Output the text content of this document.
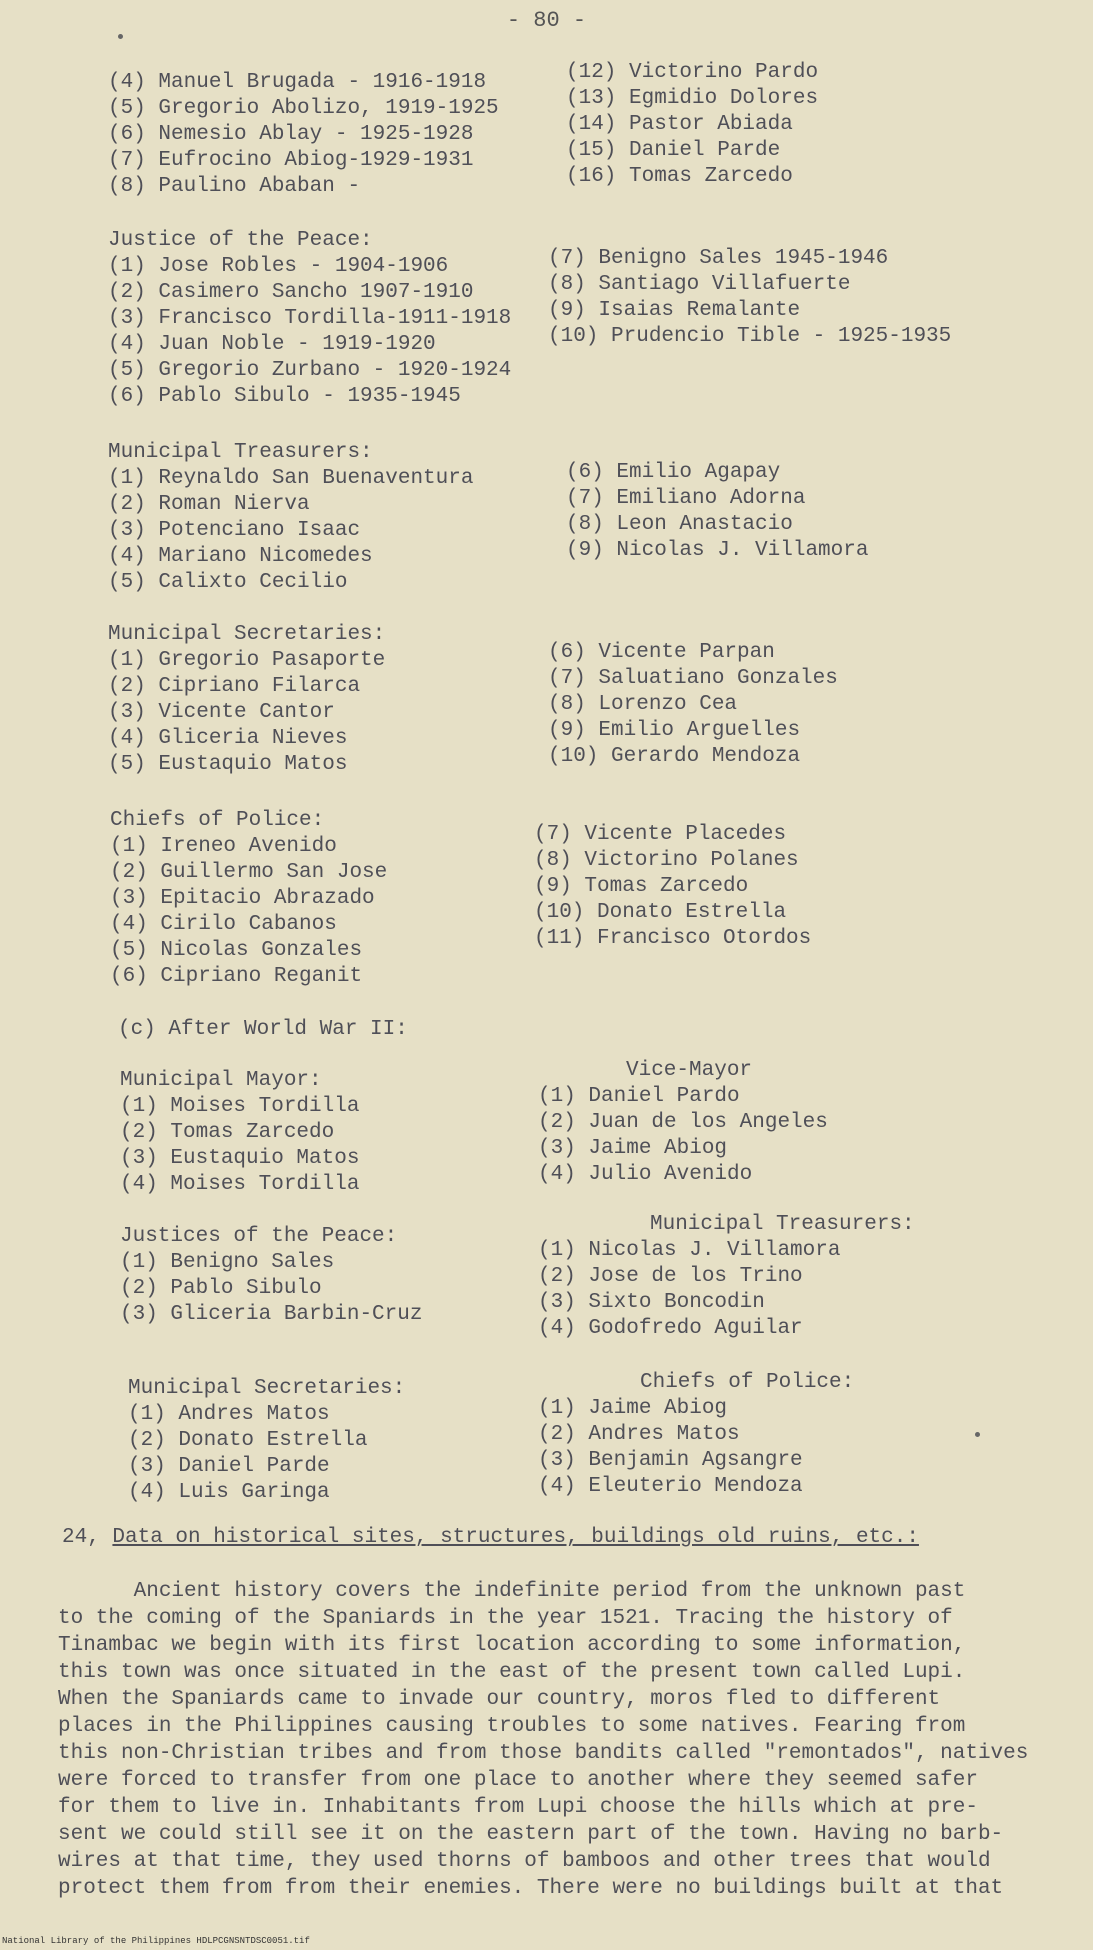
- 80 -
(4) Manuel Brugada - 1916-1918
(5) Gregorio Abolizo, 1919-1925
(6) Nemesio Ablay - 1925-1928
(7) Eufrocino Abiog-1929-1931
(8) Paulino Ababan -
(12) Victorino Pardo
(13) Egmidio Dolores
(14) Pastor Abiada
(15) Daniel Parde
(16) Tomas Zarcedo
Justice of the Peace:
(1) Jose Robles - 1904-1906
(2) Casimero Sancho 1907-1910
(3) Francisco Tordilla-1911-1918
(4) Juan Noble - 1919-1920
(5) Gregorio Zurbano - 1920-1924
(6) Pablo Sibulo - 1935-1945
(7) Benigno Sales 1945-1946
(8) Santiago Villafuerte
(9) Isaias Remalante
(10) Prudencio Tible - 1925-1935
Municipal Treasurers:
(1) Reynaldo San Buenaventura
(2) Roman Nierva
(3) Potenciano Isaac
(4) Mariano Nicomedes
(5) Calixto Cecilio
(6) Emilio Agapay
(7) Emiliano Adorna
(8) Leon Anastacio
(9) Nicolas J. Villamora
Municipal Secretaries:
(1) Gregorio Pasaporte
(2) Cipriano Filarca
(3) Vicente Cantor
(4) Gliceria Nieves
(5) Eustaquio Matos
(6) Vicente Parpan
(7) Saluatiano Gonzales
(8) Lorenzo Cea
(9) Emilio Arguelles
(10) Gerardo Mendoza
Chiefs of Police:
(1) Ireneo Avenido
(2) Guillermo San Jose
(3) Epitacio Abrazado
(4) Cirilo Cabanos
(5) Nicolas Gonzales
(6) Cipriano Reganit
(7) Vicente Placedes
(8) Victorino Polanes
(9) Tomas Zarcedo
(10) Donato Estrella
(11) Francisco Otordos
(c) After World War II:
Municipal Mayor:
(1) Moises Tordilla
(2) Tomas Zarcedo
(3) Eustaquio Matos
(4) Moises Tordilla
Vice-Mayor
(1) Daniel Pardo
(2) Juan de los Angeles
(3) Jaime Abiog
(4) Julio Avenido
Justices of the Peace:
(1) Benigno Sales
(2) Pablo Sibulo
(3) Gliceria Barbin-Cruz
Municipal Treasurers:
(1) Nicolas J. Villamora
(2) Jose de los Trino
(3) Sixto Boncodin
(4) Godofredo Aguilar
Municipal Secretaries:
(1) Andres Matos
(2) Donato Estrella
(3) Daniel Parde
(4) Luis Garinga
Chiefs of Police:
(1) Jaime Abiog
(2) Andres Matos
(3) Benjamin Agsangre
(4) Eleuterio Mendoza
24, Data on historical sites, structures, buildings old ruins, etc.:
Ancient history covers the indefinite period from the unknown past
to the coming of the Spaniards in the year 1521. Tracing the history of
Tinambac we begin with its first location according to some information,
this town was once situated in the east of the present town called Lupi.
When the Spaniards came to invade our country, moros fled to different
places in the Philippines causing troubles to some natives. Fearing from
this non-Christian tribes and from those bandits called "remontados", natives
were forced to transfer from one place to another where they seemed safer
for them to live in. Inhabitants from Lupi choose the hills which at pre-
sent we could still see it on the eastern part of the town. Having no barb-
wires at that time, they used thorns of bamboos and other trees that would
protect them from from their enemies. There were no buildings built at that
National Library of the Philippines HDLPCGNSNTDSC0051.tif
